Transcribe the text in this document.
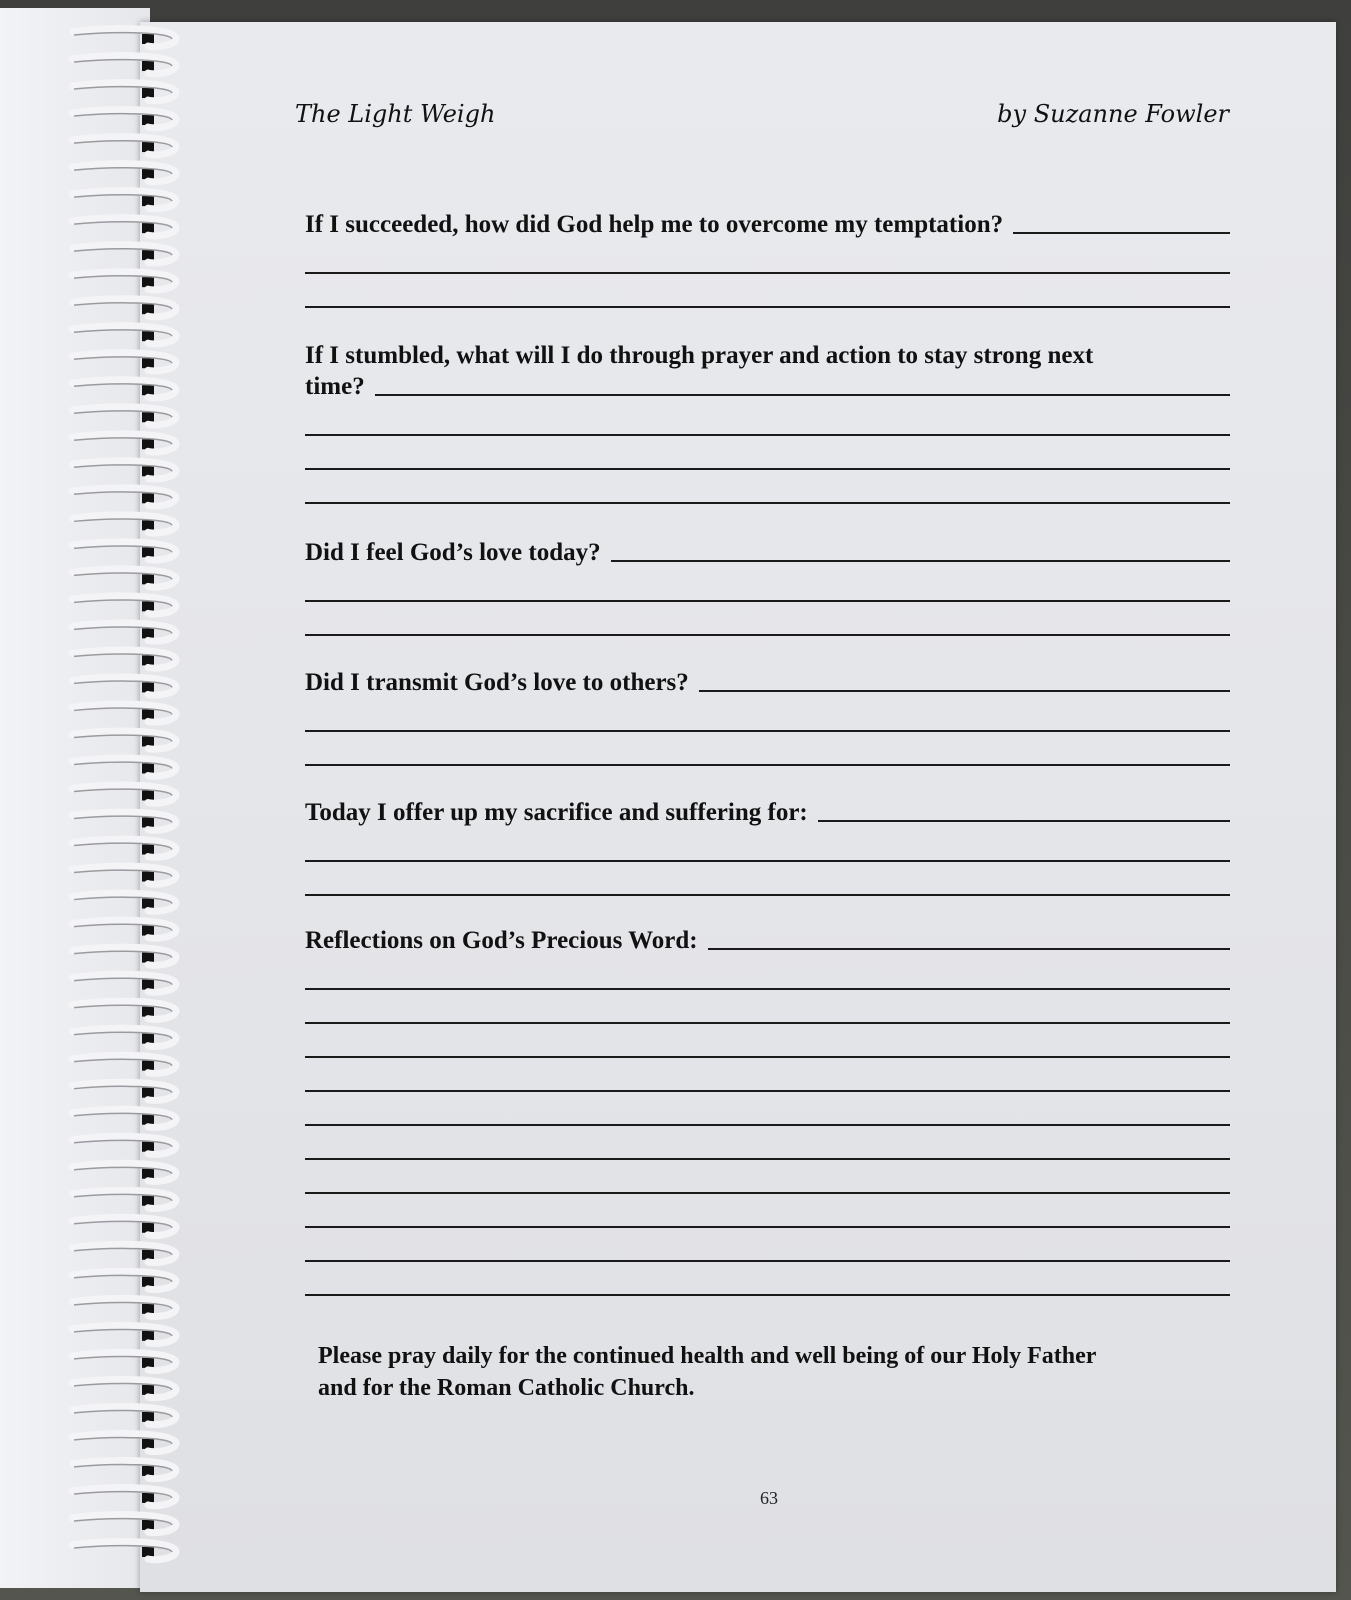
The Light Weigh	by Suzanne Fowler
If I succeeded, how did God help me to overcome my temptation?
If I stumbled, what will I do through prayer and action to stay strong next
time?
Did I feel God’s love today?
Did I transmit God’s love to others?
Today I offer up my sacrifice and suffering for:
Reflections on God’s Precious Word:
Please pray daily for the continued health and well being of our Holy Father
and for the Roman Catholic Church.
63
